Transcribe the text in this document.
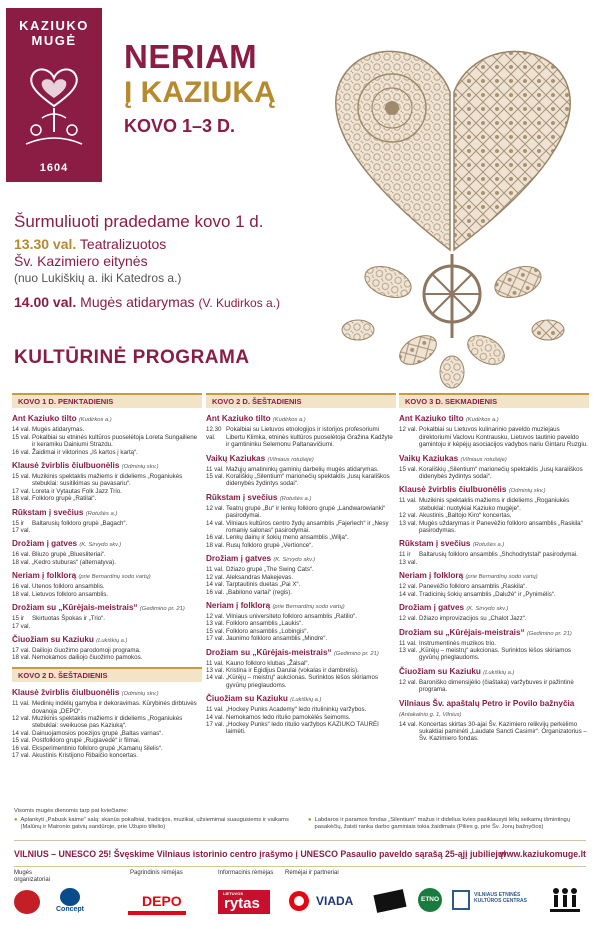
KAZIUKO
MUGĖ
1604
NERIAM
Į KAZIUKĄ
KOVO 1–3 D.
Šurmuliuoti pradedame kovo 1 d.
13.30 val. Teatralizuotos
Šv. Kazimiero eitynės
(nuo Lukiškių a. iki Katedros a.)
14.00 val. Mugės atidarymas (V. Kudirkos a.)
KULTŪRINĖ PROGRAMA
KOVO 1 D. PENKTADIENIS
Ant Kaziuko tilto (Kudirkos a.)
14 val. Mugės atidarymas.
15 val. Pokalbiai su etninės kultūros puoselėtoja Loreta Sungailiene ir keramiku Dainiumi Strazdu.
16 val. Žaidimai ir viktorinos „Iš kartos į kartą“.
Klausė žvirblis čiulbuonėlis (Odminių skv.)
15 val. Muzikinis spektaklis mažiems ir dideliems „Roganiukės stebuklai: susitikimas su pavasariu“.
17 val. Loreta ir Vytautas Folk Jazz Trio.
18 val. Folkloro grupė „Ratilai“.
Rūkstam į svečius (Rotušės a.)
15 ir 17 val.
Baltarusių folkloro grupė „Bagach“.
Drožiam į gatves (K. Sirvydo skv.)
16 val. Bliuzo grupė „Bluesliteriai“.
18 val. „Kedro stuburas“ (alternatyva).
Neriam į folklorą (prie Bernardinų sodo vartų)
16 val. Utenos folkloro ansamblis.
18 val. Lietuvos folkloro ansamblis.
Drožiam su „Kūrėjais-meistrais“ (Gedimino pr. 21)
15 ir 17 val.
Skirtuotas Špokas ir „Trio“.
Čiuožiam su Kaziuku (Lukiškių a.)
17 val. Dailiojo čiuožimo parodomoji programa.
18 val. Nemokamos dailiojo čiuožimo pamokos.
KOVO 2 D. ŠEŠTADIENIS
Klausė žvirblis čiulbuonėlis (Odminių skv.)
11 val. Medinių indėlių gamyba ir dekoravimas. Kūrybinės dirbtuvės dovanoja „DEPO“.
12 val. Muzikinis spektaklis mažiems ir dideliems „Roganiukės stebuklai: sveikuose pas Kaziuką“.
14 val. Dainuojamosios poezijos grupė „Baltas varnas“.
15 val. Postfolkloro grupė „Rugiavėdė“ ir filmai.
16 val. Eksperimentinio folkloro grupė „Kamanų šilelis“.
17 val. Akustinis Kristijono Ribaičio koncertas.
KOVO 2 D. ŠEŠTADIENIS
Ant Kaziuko tilto (Kudirkos a.)
12.30 val.
Pokalbiai su Lietuvos etnologijos ir istorijos profesoriumi Libertu Klimka, etninės kultūros puoselėtoja Gražina Kadžyte ir gamtininku Selemonu Paltanavičiumi.
Vaikų Kaziukas (Vilniaus rotušėje)
11 val. Mažųjų amatininkų gaminių darbelių mugės atidarymas.
15 val. Korališkių „Silentium“ marionečių spektaklis „Iusų karališkos didenybės žydintys sodai“.
Rūkstam į svečius (Rotušės a.)
12 val. Teatrų grupė „Bu“ ir lenkų folkloro grupė „Landwarowianki“ pasirodymai.
14 val. Vilniaus kultūros centro žydų ansamblis „Fajerlech“ ir „Nesy romaniy salonas“ pasirodymai.
16 val. Lenkų dainų ir šokių meno ansamblis „Wilja“.
18 val. Rusų folkloro grupė „Vertionce“.
Drožiam į gatves (K. Sirvydo skv.)
11 val. Džiazo grupė „The Swing Cats“.
12 val. Aleksandras Makejevas.
14 val. Tarptautinis duetas „Pai X“.
16 val. „Babilono vartai“ (regis).
Neriam į folklorą (prie Bernardinų sodo vartų)
12 val. Vilniaus universiteto folkloro ansamblis „Ratilio“.
13 val. Folkloro ansamblis „Laukis“.
15 val. Folkloro ansamblis „Lobingis“.
17 val. Jaunimo folkloro ansamblis „Mindre“.
Drožiam su „Kūrėjais-meistrais“ (Gedimino pr. 21)
11 val. Kauno folkloro klubas „Žalsal“.
13 val. Kristina ir Egidijus Darulai (vokalas ir dambrelis).
14 val. „Kūrėjų – meistrų“ aukcionas. Surinktos lėšos skiriamos gyvūnų prieglaudoms.
Čiuožiam su Kaziuku (Lukiškių a.)
11 val. „Hockey Punks Academy“ ledo ritulininkų varžybos.
14 val. Nemokamos ledo ritulio pamokėlės šeimoms.
17 val. „Hockey Punks“ ledo ritulio varžybos KAZIUKO TAURĖI laimėti.
KOVO 3 D. SEKMADIENIS
Ant Kaziuko tilto (Kudirkos a.)
12 val. Pokalbiai su Lietuvos kulinarinio paveldo muziejaus direktoriumi Vaclovu Kontrausku, Lietuvos tautinio paveldo gamintoju ir kėpėjų asociacijos vadybos nariu Gintaru Ruzgiu.
Vaikų Kaziukas (Vilniaus rotušėje)
15 val. Korališkių „Silentium“ marionečių spektaklis „Iusų karališkos didenybės žydintys sodai“.
Klausė žvirblis čiulbuonėlis (Odminių skv.)
11 val. Muzikinis spektaklis mažiems ir dideliems „Roganiukės stebuklai: nuotykiai Kaziuko mugėje“.
12 val. Akustinis „Baltojo Kiro“ koncertas.
13 val. Mugės uždarymas ir Panevėžio folkloro ansamblis „Raskila“ pasirodymas.
Rūkstam į svečius (Rotušės a.)
11 ir 13 val.
Baltarusių folkloro ansamblis „Shchodrytstal“ pasirodymai.
Neriam į folklorą (prie Bernardinų sodo vartų)
12 val. Panevėžio folkloro ansamblis „Raskila“.
14 val. Tradicinių šokių ansamblis „Dalužė“ ir „Pynimėlis“.
Drožiam į gatves (K. Sirvydo skv.)
12 val. Džiazo improvizacijos su „Chalot Jazz“.
Drožiam su „Kūrėjais-meistrais“ (Gedimino pr. 21)
11 val. Instrumentinės muzikos trio.
13 val. „Kūrėjų – meistrų“ aukcionas. Surinktos lėšos skiriamos gyvūnų prieglaudoms.
Čiuožiam su Kaziuku (Lukiškių a.)
12 val. Baroniško dimensijėlio (čiaštaka) varžybuves ir pažintinė programa.
Vilniaus Šv. apaštalų Petro ir Povilo bažnyčia (Antakalnio g. 1, Vilnius)
14 val. Koncertas skirtas 30-ajai Šv. Kazimiero relikvijų perkėlimo sukaktiai paminėti „Laudate Sancti Casimir“. Organizatorius – Šv. Kazimiero fondas.
Visomis mugės dienomis tarp pat kviečiame:
● Aplankyti „Pabusk kaime“ salą: skanūs pokalbiai, tradicijos, muzikai, užsiemimai suaugusiems ir vaikams (Malūnų ir Maironio gatvių sandūroje, prie Užupio tiltelio)
● Labdaros ir paramos fondas „Silentium“ mažus ir didelius kvies pasiklausyti lėlių seikamų išmintingų pasakėčių, žaisti ranka darbo gaminiais tokia žaidimais (Pilies g. prie Šv. Jonų bažnyčios)
VILNIUS – UNESCO 25! Švęskime Vilniaus istorinio centro įrašymo į UNESCO Pasaulio paveldo sąrašą 25-ąjį jubiliejų!
www.kaziukomuge.lt
Mugės organizatoriai
Pagrindinis rėmėjas	Informacinis rėmėjas	Rėmėjai ir partneriai
Concept
DEPO	LIETUVOS
rytas	VIADA	ETNO
VILNIAUS ETNINĖS KULTŪROS CENTRAS
